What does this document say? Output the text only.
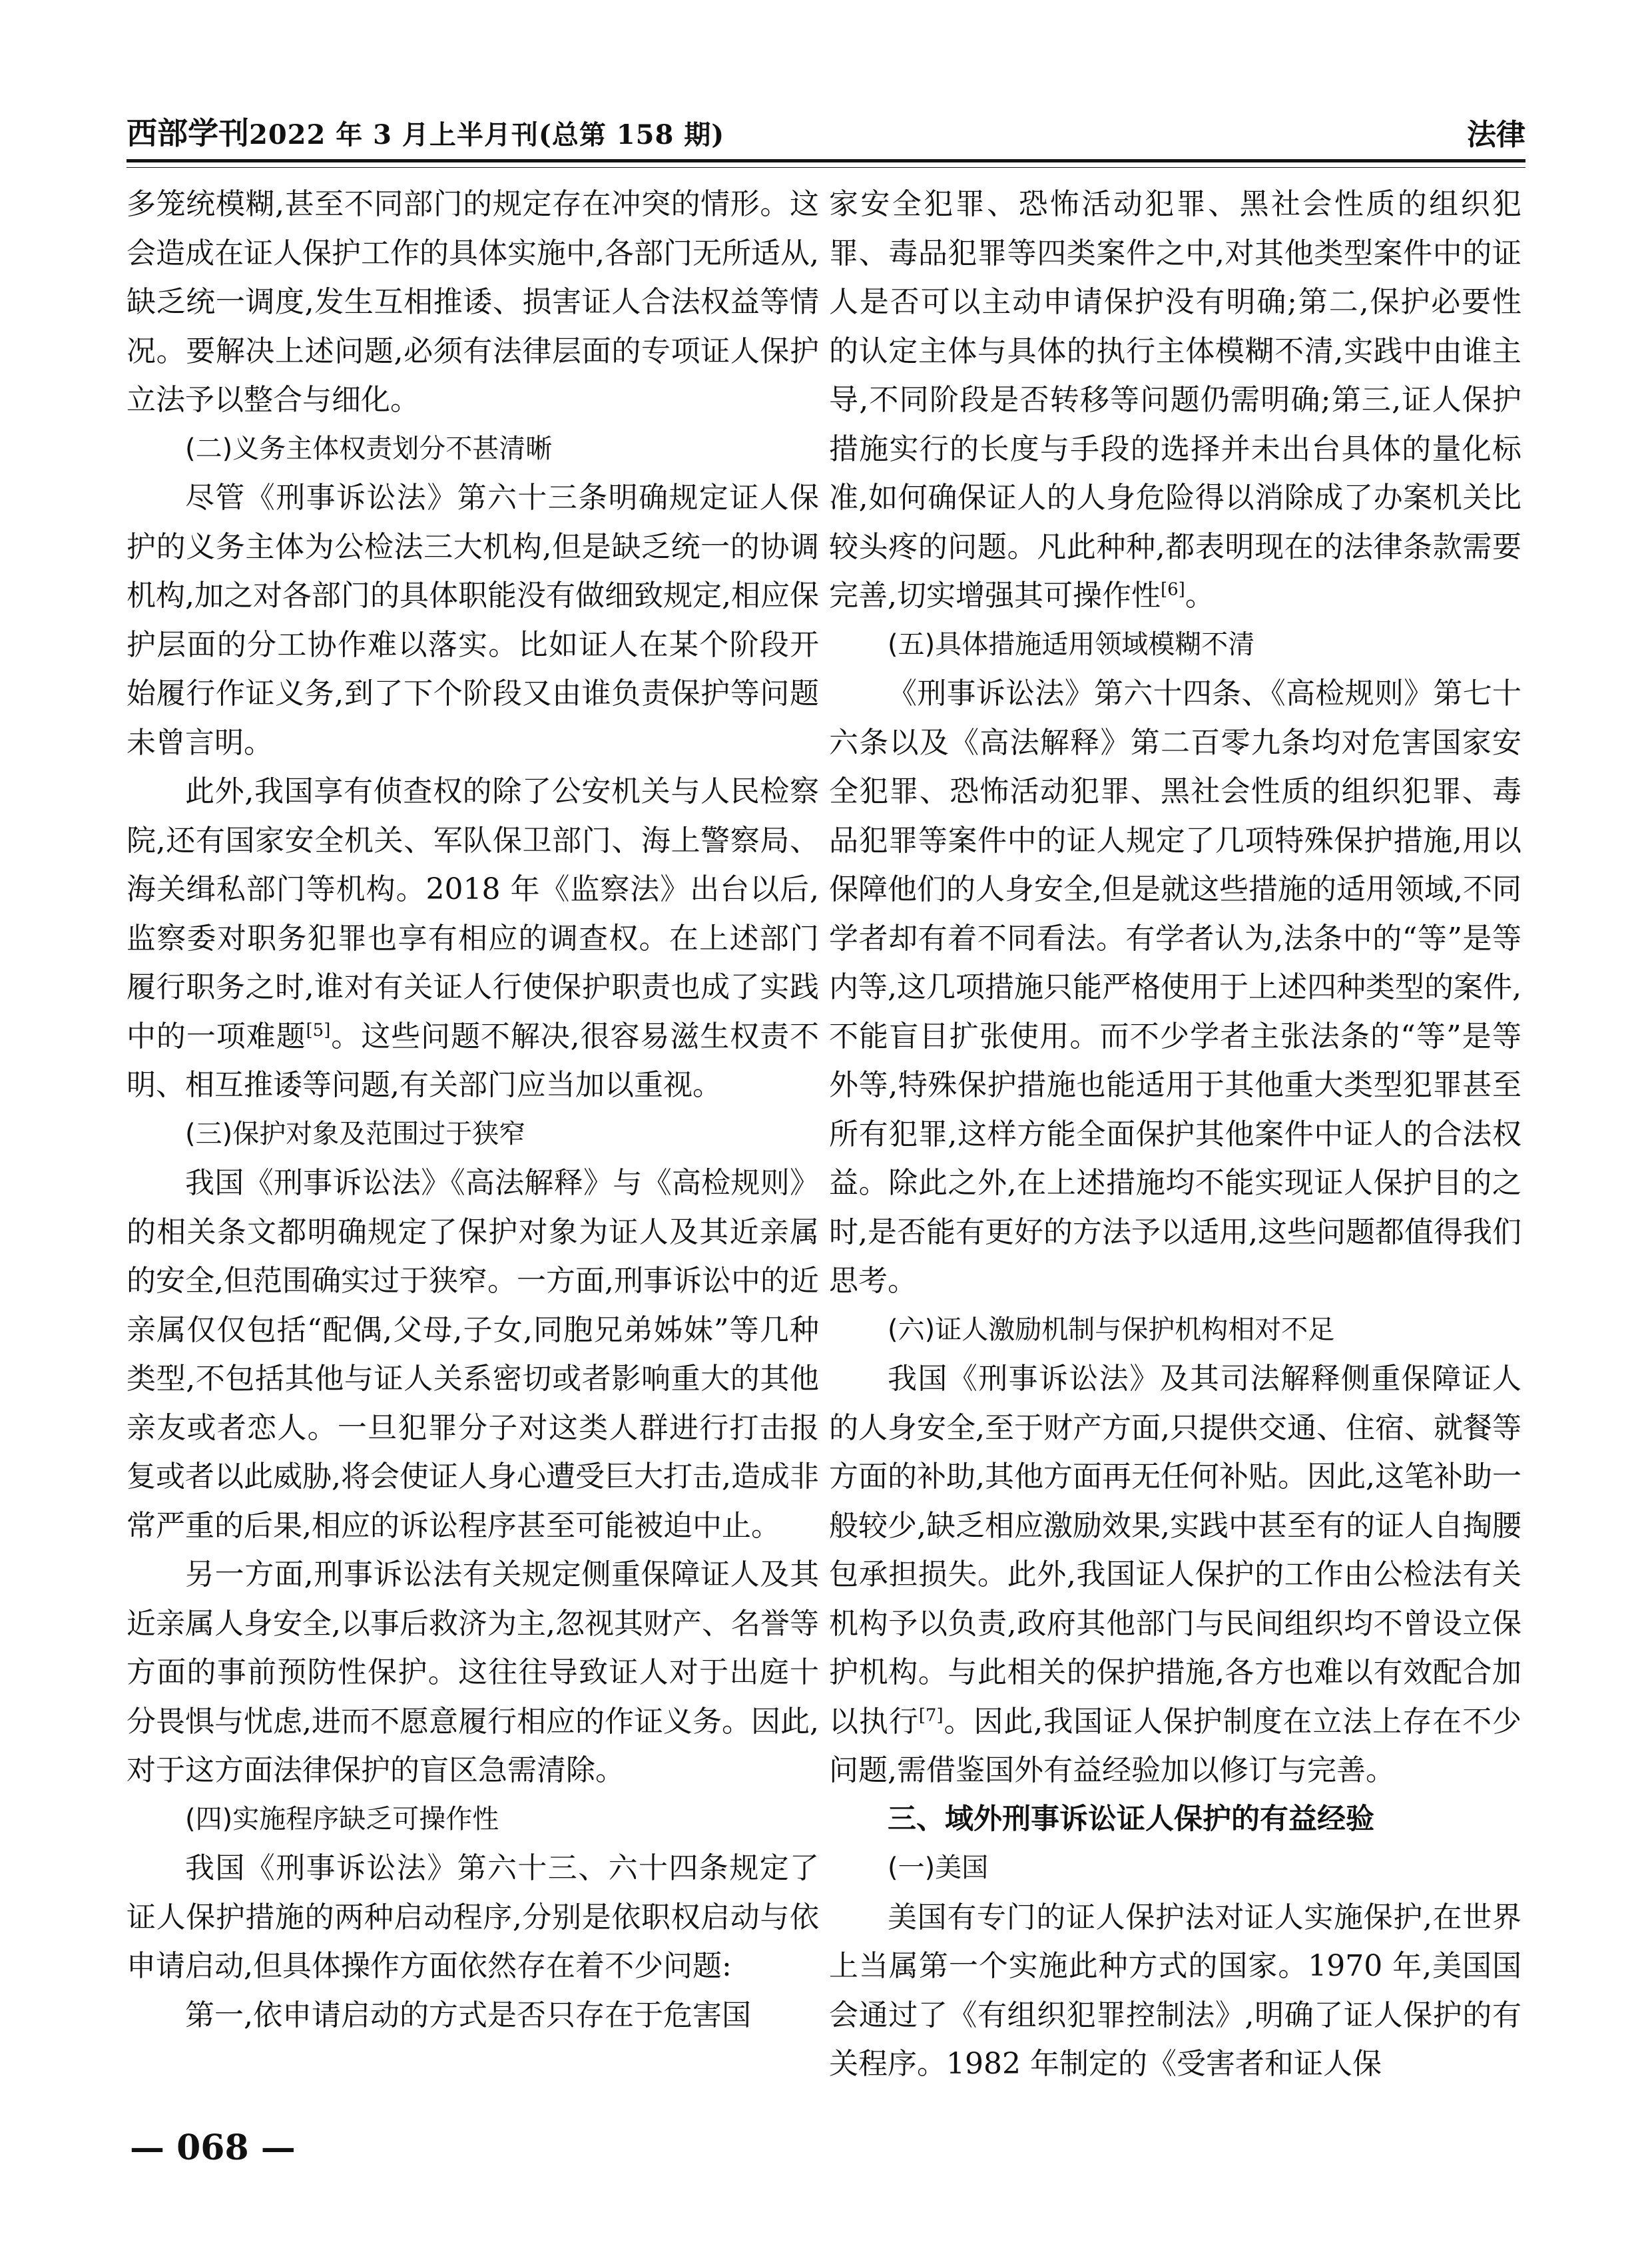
西部学刊2022 年 3 月上半月刊(总第 158 期)	法律

多笼统模糊,甚至不同部门的规定存在冲突的情形。这会造成在证人保护工作的具体实施中,各部门无所适从,缺乏统一调度,发生互相推诿、损害证人合法权益等情况。要解决上述问题,必须有法律层面的专项证人保护立法予以整合与细化。

(二)义务主体权责划分不甚清晰

尽管《刑事诉讼法》第六十三条明确规定证人保护的义务主体为公检法三大机构,但是缺乏统一的协调机构,加之对各部门的具体职能没有做细致规定,相应保护层面的分工协作难以落实。比如证人在某个阶段开始履行作证义务,到了下个阶段又由谁负责保护等问题未曾言明。

此外,我国享有侦查权的除了公安机关与人民检察院,还有国家安全机关、军队保卫部门、海上警察局、海关缉私部门等机构。2018 年《监察法》出台以后,监察委对职务犯罪也享有相应的调查权。在上述部门履行职务之时,谁对有关证人行使保护职责也成了实践中的一项难题[5]。这些问题不解决,很容易滋生权责不明、相互推诿等问题,有关部门应当加以重视。

(三)保护对象及范围过于狭窄

我国《刑事诉讼法》《高法解释》与《高检规则》的相关条文都明确规定了保护对象为证人及其近亲属的安全,但范围确实过于狭窄。一方面,刑事诉讼中的近亲属仅仅包括“配偶,父母,子女,同胞兄弟姊妹”等几种类型,不包括其他与证人关系密切或者影响重大的其他亲友或者恋人。一旦犯罪分子对这类人群进行打击报复或者以此威胁,将会使证人身心遭受巨大打击,造成非常严重的后果,相应的诉讼程序甚至可能被迫中止。

另一方面,刑事诉讼法有关规定侧重保障证人及其近亲属人身安全,以事后救济为主,忽视其财产、名誉等方面的事前预防性保护。这往往导致证人对于出庭十分畏惧与忧虑,进而不愿意履行相应的作证义务。因此,对于这方面法律保护的盲区急需清除。

(四)实施程序缺乏可操作性

我国《刑事诉讼法》第六十三、六十四条规定了证人保护措施的两种启动程序,分别是依职权启动与依申请启动,但具体操作方面依然存在着不少问题:

第一,依申请启动的方式是否只存在于危害国

家安全犯罪、恐怖活动犯罪、黑社会性质的组织犯罪、毒品犯罪等四类案件之中,对其他类型案件中的证人是否可以主动申请保护没有明确;第二,保护必要性的认定主体与具体的执行主体模糊不清,实践中由谁主导,不同阶段是否转移等问题仍需明确;第三,证人保护措施实行的长度与手段的选择并未出台具体的量化标准,如何确保证人的人身危险得以消除成了办案机关比较头疼的问题。凡此种种,都表明现在的法律条款需要完善,切实增强其可操作性[6]。

(五)具体措施适用领域模糊不清

《刑事诉讼法》第六十四条、《高检规则》第七十六条以及《高法解释》第二百零九条均对危害国家安全犯罪、恐怖活动犯罪、黑社会性质的组织犯罪、毒品犯罪等案件中的证人规定了几项特殊保护措施,用以保障他们的人身安全,但是就这些措施的适用领域,不同学者却有着不同看法。有学者认为,法条中的“等”是等内等,这几项措施只能严格使用于上述四种类型的案件,不能盲目扩张使用。而不少学者主张法条的“等”是等外等,特殊保护措施也能适用于其他重大类型犯罪甚至所有犯罪,这样方能全面保护其他案件中证人的合法权益。除此之外,在上述措施均不能实现证人保护目的之时,是否能有更好的方法予以适用,这些问题都值得我们思考。

(六)证人激励机制与保护机构相对不足

我国《刑事诉讼法》及其司法解释侧重保障证人的人身安全,至于财产方面,只提供交通、住宿、就餐等方面的补助,其他方面再无任何补贴。因此,这笔补助一般较少,缺乏相应激励效果,实践中甚至有的证人自掏腰包承担损失。此外,我国证人保护的工作由公检法有关机构予以负责,政府其他部门与民间组织均不曾设立保护机构。与此相关的保护措施,各方也难以有效配合加以执行[7]。因此,我国证人保护制度在立法上存在不少问题,需借鉴国外有益经验加以修订与完善。

三、域外刑事诉讼证人保护的有益经验

(一)美国

美国有专门的证人保护法对证人实施保护,在世界上当属第一个实施此种方式的国家。1970 年,美国国会通过了《有组织犯罪控制法》,明确了证人保护的有关程序。1982 年制定的《受害者和证人保

— 068 —
